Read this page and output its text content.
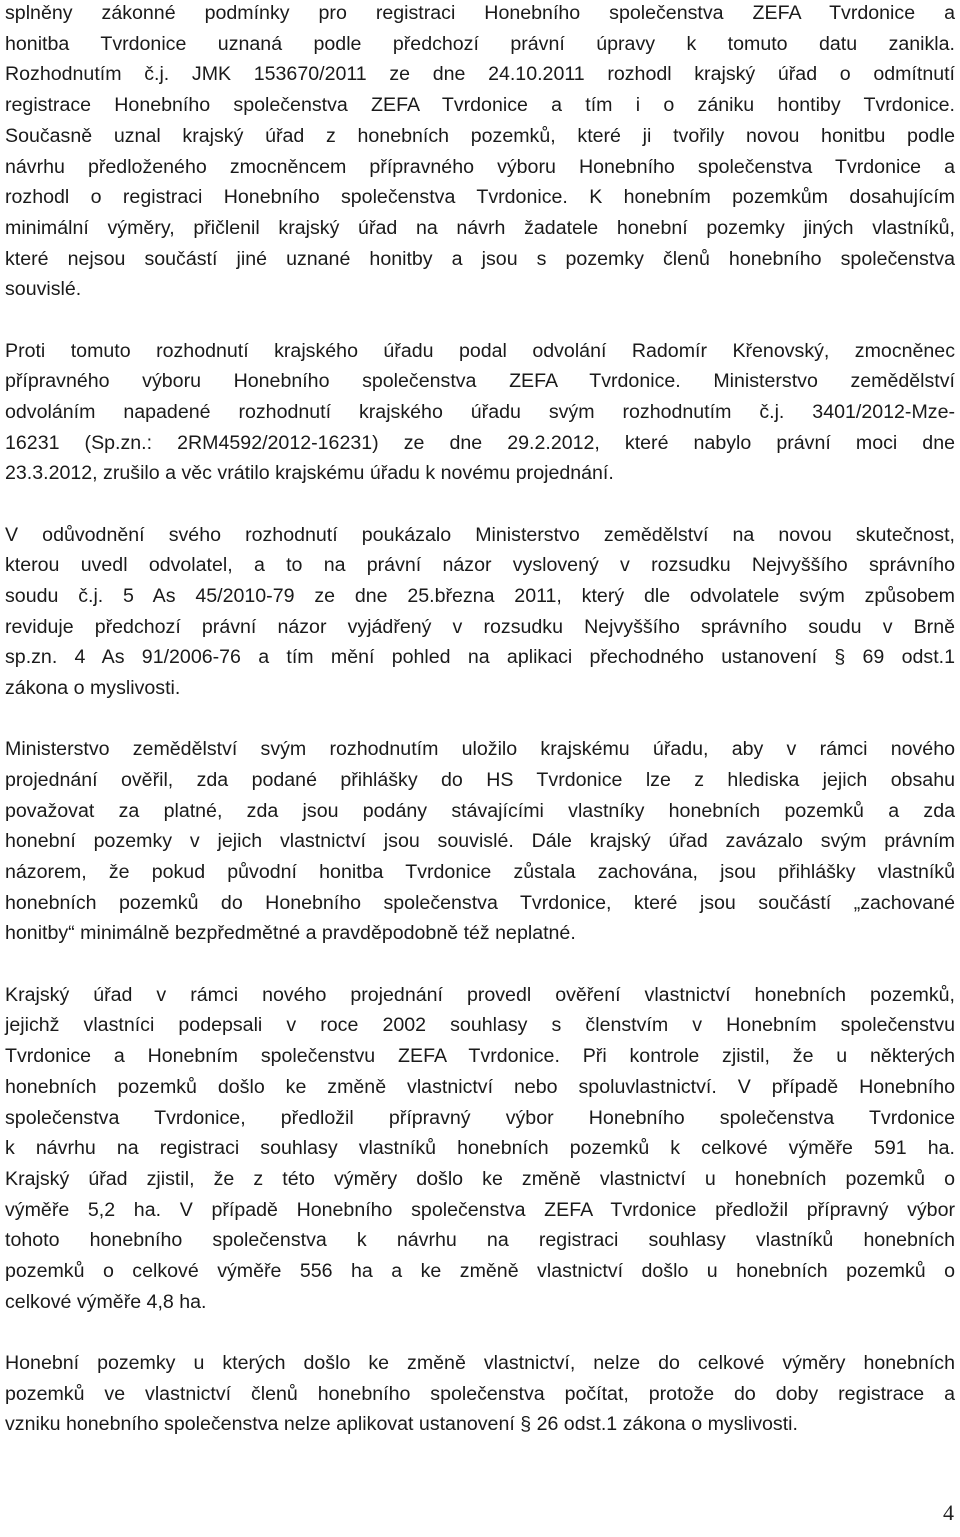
splněny zákonné podmínky pro registraci Honebního společenstva ZEFA Tvrdonice a
honitba Tvrdonice uznaná podle předchozí právní úpravy k tomuto datu zanikla.
Rozhodnutím č.j. JMK 153670/2011 ze dne 24.10.2011 rozhodl krajský úřad o odmítnutí
registrace Honebního společenstva ZEFA Tvrdonice a tím i o zániku hontiby Tvrdonice.
Současně uznal krajský úřad z honebních pozemků, které ji tvořily novou honitbu podle
návrhu předloženého zmocněncem přípravného výboru Honebního společenstva Tvrdonice a
rozhodl o registraci Honebního společenstva Tvrdonice. K honebním pozemkům dosahujícím
minimální výměry, přičlenil krajský úřad na návrh žadatele honební pozemky jiných vlastníků,
které nejsou součástí jiné uznané honitby a jsou s pozemky členů honebního společenstva
souvislé.

Proti tomuto rozhodnutí krajského úřadu podal odvolání Radomír Křenovský, zmocněnec
přípravného výboru Honebního společenstva ZEFA Tvrdonice. Ministerstvo zemědělství
odvoláním napadené rozhodnutí krajského úřadu svým rozhodnutím č.j. 3401/2012-Mze-
16231 (Sp.zn.: 2RM4592/2012-16231) ze dne 29.2.2012, které nabylo právní moci dne
23.3.2012, zrušilo a věc vrátilo krajskému úřadu k novému projednání.

V odůvodnění svého rozhodnutí poukázalo Ministerstvo zemědělství na novou skutečnost,
kterou uvedl odvolatel, a to na právní názor vyslovený v rozsudku Nejvyššího správního
soudu č.j. 5 As 45/2010-79 ze dne 25.března 2011, který dle odvolatele svým způsobem
reviduje předchozí právní názor vyjádřený v rozsudku Nejvyššího správního soudu v Brně
sp.zn. 4 As 91/2006-76 a tím mění pohled na aplikaci přechodného ustanovení § 69 odst.1
zákona o myslivosti.

Ministerstvo zemědělství svým rozhodnutím uložilo krajskému úřadu, aby v rámci nového
projednání ověřil, zda podané přihlášky do HS Tvrdonice lze z hlediska jejich obsahu
považovat za platné, zda jsou podány stávajícími vlastníky honebních pozemků a zda
honební pozemky v jejich vlastnictví jsou souvislé. Dále krajský úřad zavázalo svým právním
názorem, že pokud původní honitba Tvrdonice zůstala zachována, jsou přihlášky vlastníků
honebních pozemků do Honebního společenstva Tvrdonice, které jsou součástí „zachované
honitby“ minimálně bezpředmětné a pravděpodobně též neplatné.

Krajský úřad v rámci nového projednání provedl ověření vlastnictví honebních pozemků,
jejichž vlastníci podepsali v roce 2002 souhlasy s členstvím v Honebním společenstvu
Tvrdonice a Honebním společenstvu ZEFA Tvrdonice. Při kontrole zjistil, že u některých
honebních pozemků došlo ke změně vlastnictví nebo spoluvlastnictví. V případě Honebního
společenstva Tvrdonice, předložil přípravný výbor Honebního společenstva Tvrdonice
k návrhu na registraci souhlasy vlastníků honebních pozemků k celkové výměře 591 ha.
Krajský úřad zjistil, že z této výměry došlo ke změně vlastnictví u honebních pozemků o
výměře 5,2 ha. V případě Honebního společenstva ZEFA Tvrdonice předložil přípravný výbor
tohoto honebního společenstva k návrhu na registraci souhlasy vlastníků honebních
pozemků o celkové výměře 556 ha a ke změně vlastnictví došlo u honebních pozemků o
celkové výměře 4,8 ha.

Honební pozemky u kterých došlo ke změně vlastnictví, nelze do celkové výměry honebních
pozemků ve vlastnictví členů honebního společenstva počítat, protože do doby registrace a
vzniku honebního společenstva nelze aplikovat ustanovení § 26 odst.1 zákona o myslivosti.

4
